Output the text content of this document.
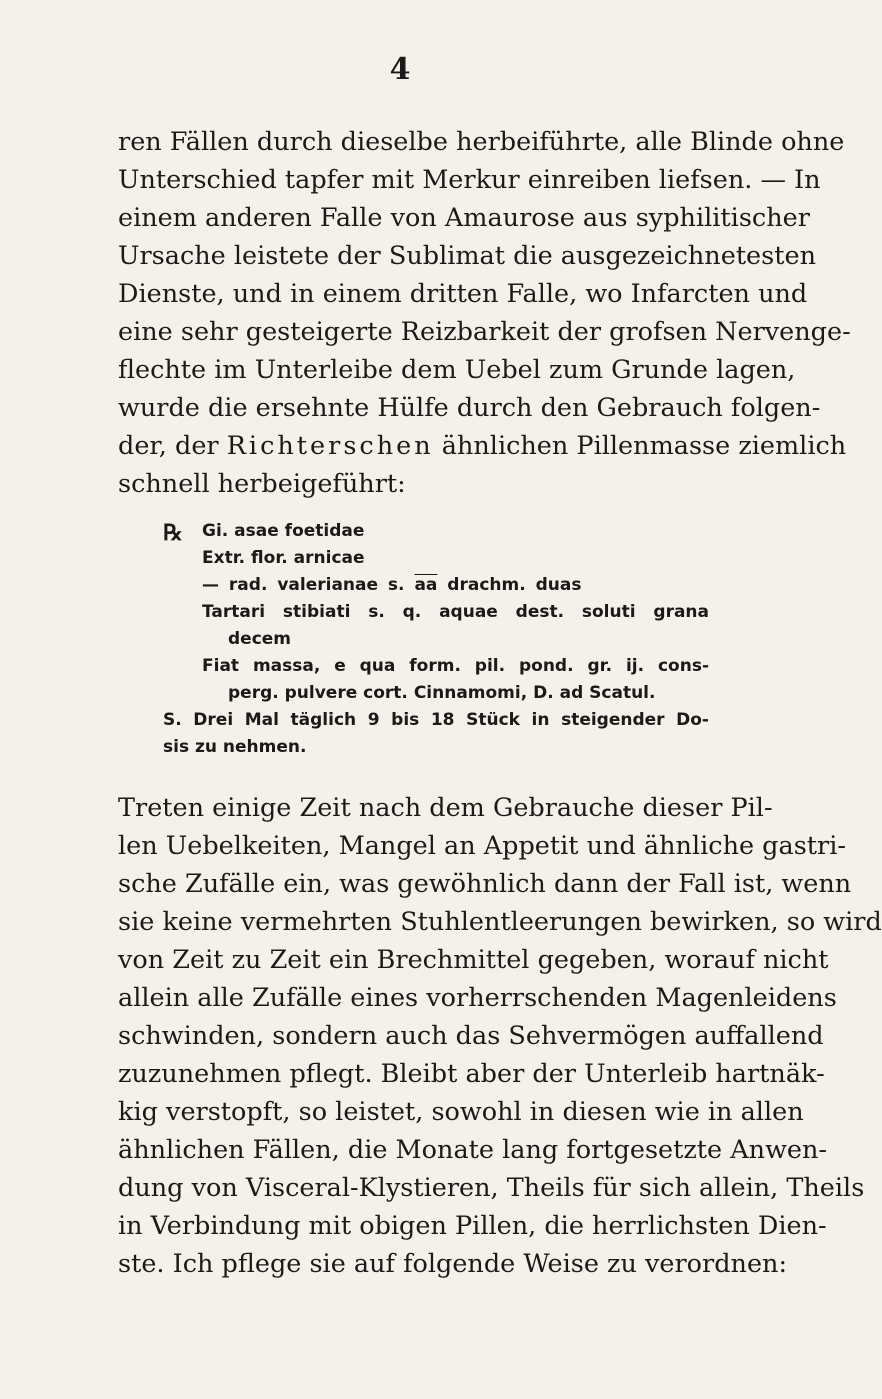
4
ren Fällen durch dieselbe herbeiführte, alle Blinde ohne
Unterschied tapfer mit Merkur einreiben liefsen. — In
einem anderen Falle von Amaurose aus syphilitischer
Ursache leistete der Sublimat die ausgezeichnetesten
Dienste, und in einem dritten Falle, wo Infarcten und
eine sehr gesteigerte Reizbarkeit der grofsen Nervenge-
flechte im Unterleibe dem Uebel zum Grunde lagen,
wurde die ersehnte Hülfe durch den Gebrauch folgen-
der, der Richterschen ähnlichen Pillenmasse ziemlich
schnell herbeigeführt:
℞ Gi. asae foetidae
Extr. flor. arnicae
— rad. valerianae s. $\overline{aa}$ drachm. duas
Tartari stibiati s. q. aquae dest. soluti grana
decem
Fiat massa, e qua form. pil. pond. gr. ij. cons-
perg. pulvere cort. Cinnamomi, D. ad Scatul.
S. Drei Mal täglich 9 bis 18 Stück in steigender Do-
sis zu nehmen.
Treten einige Zeit nach dem Gebrauche dieser Pil-
len Uebelkeiten, Mangel an Appetit und ähnliche gastri-
sche Zufälle ein, was gewöhnlich dann der Fall ist, wenn
sie keine vermehrten Stuhlentleerungen bewirken, so wird
von Zeit zu Zeit ein Brechmittel gegeben, worauf nicht
allein alle Zufälle eines vorherrschenden Magenleidens
schwinden, sondern auch das Sehvermögen auffallend
zuzunehmen pflegt. Bleibt aber der Unterleib hartnäk-
kig verstopft, so leistet, sowohl in diesen wie in allen
ähnlichen Fällen, die Monate lang fortgesetzte Anwen-
dung von Visceral-Klystieren, Theils für sich allein, Theils
in Verbindung mit obigen Pillen, die herrlichsten Dien-
ste. Ich pflege sie auf folgende Weise zu verordnen:
